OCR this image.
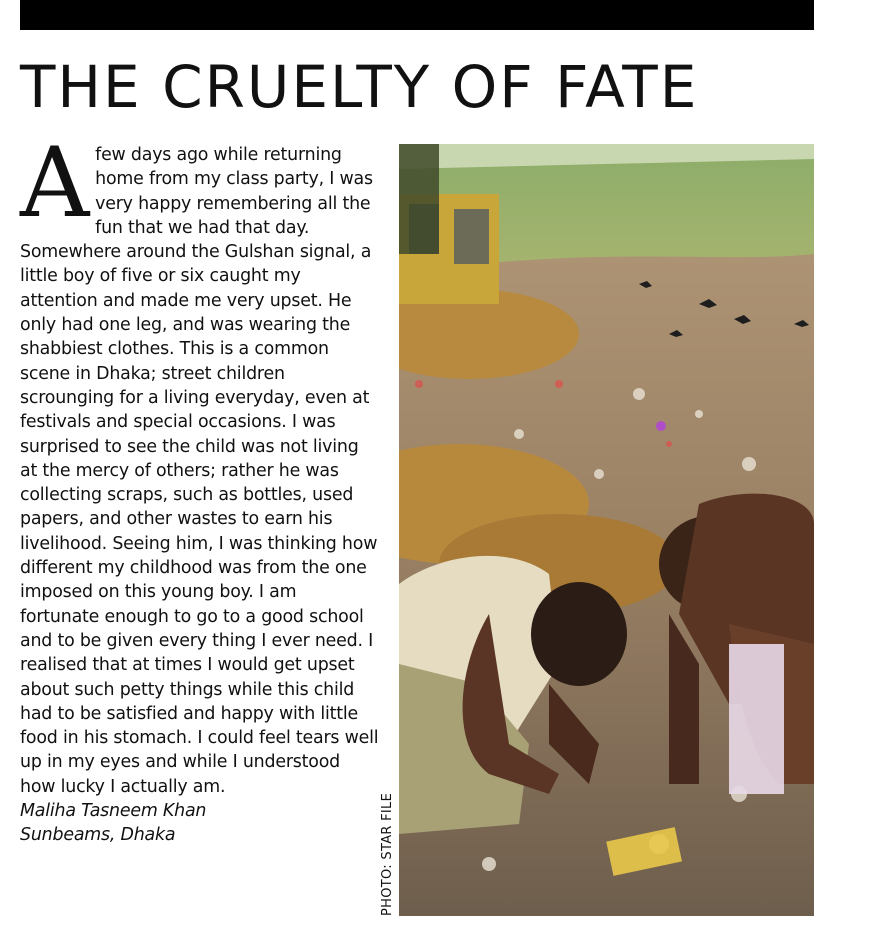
THE CRUELTY OF FATE
A few days ago while returning home from my class party, I was very happy remembering all the fun that we had that day. Somewhere around the Gulshan signal, a little boy of five or six caught my attention and made me very upset. He only had one leg, and was wearing the shabbiest clothes. This is a common scene in Dhaka; street children scrounging for a living everyday, even at festivals and special occasions. I was surprised to see the child was not living at the mercy of others; rather he was collecting scraps, such as bottles, used papers, and other wastes to earn his livelihood. Seeing him, I was thinking how different my childhood was from the one imposed on this young boy. I am fortunate enough to go to a good school and to be given every thing I ever need. I realised that at times I would get upset about such petty things while this child had to be satisfied and happy with little food in his stomach. I could feel tears well up in my eyes and while I understood how lucky I actually am.
Maliha Tasneem Khan
Sunbeams, Dhaka	PHOTO: STAR FILE
